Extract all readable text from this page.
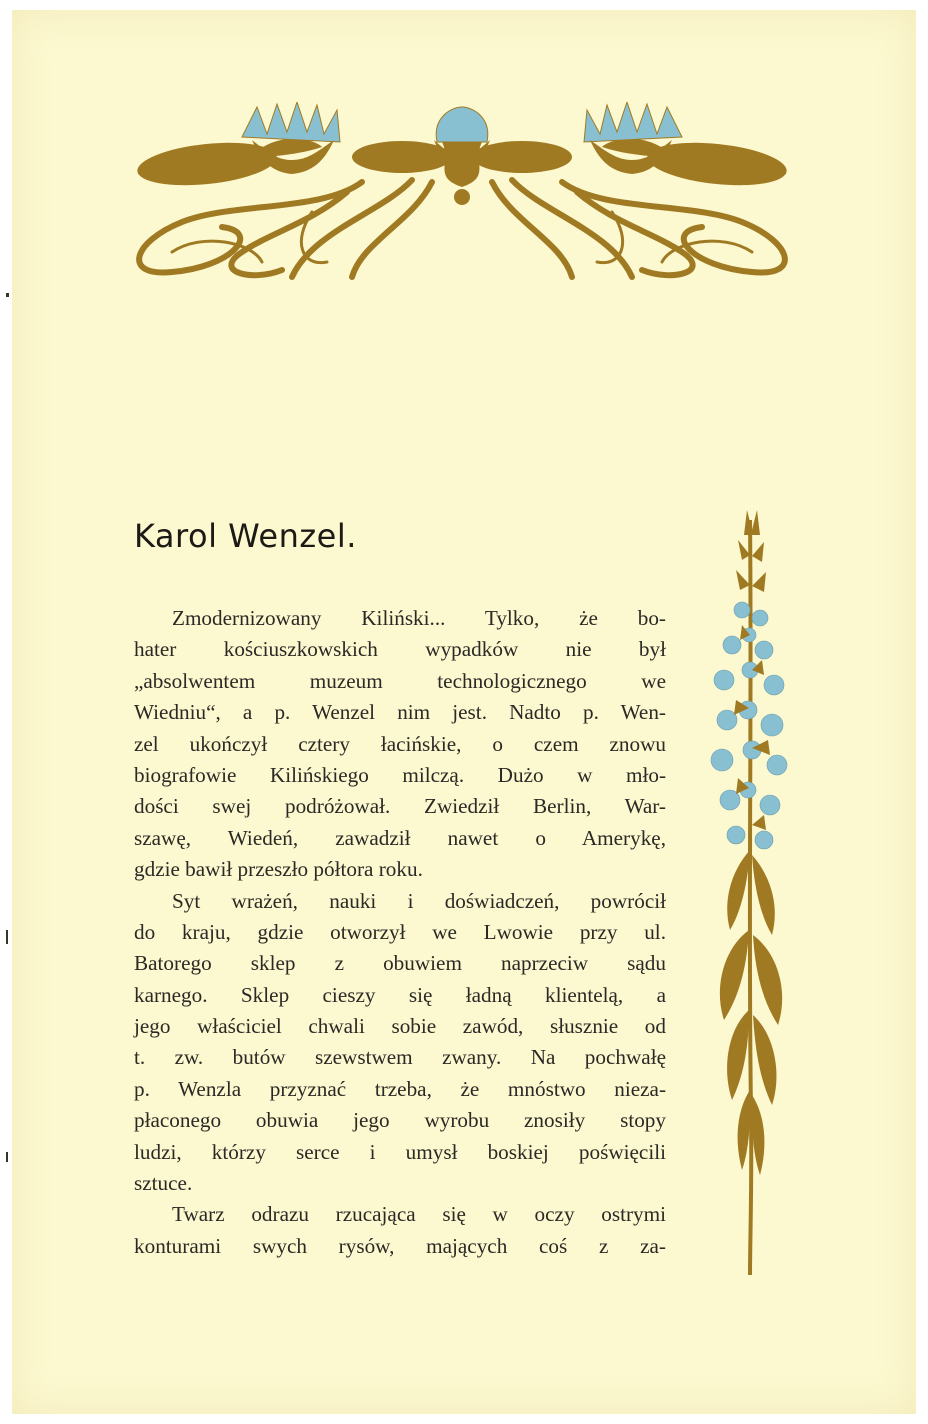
Karol Wenzel.
Zmodernizowany Kiliński... Tylko, że bo-
hater kościuszkowskich wypadków nie był
„absolwentem muzeum technologicznego we
Wiedniu“, a p. Wenzel nim jest. Nadto p. Wen-
zel ukończył cztery łacińskie, o czem znowu
biografowie Kilińskiego milczą. Dużo w mło-
dości swej podróżował. Zwiedził Berlin, War-
szawę, Wiedeń, zawadził nawet o Amerykę,
gdzie bawił przeszło półtora roku.
Syt wrażeń, nauki i doświadczeń, powrócił
do kraju, gdzie otworzył we Lwowie przy ul.
Batorego sklep z obuwiem naprzeciw sądu
karnego. Sklep cieszy się ładną klientelą, a
jego właściciel chwali sobie zawód, słusznie od
t. zw. butów szewstwem zwany. Na pochwałę
p. Wenzla przyznać trzeba, że mnóstwo nieza-
płaconego obuwia jego wyrobu znosiły stopy
ludzi, którzy serce i umysł boskiej poświęcili
sztuce.
Twarz odrazu rzucająca się w oczy ostrymi
konturami swych rysów, mających coś z za-
